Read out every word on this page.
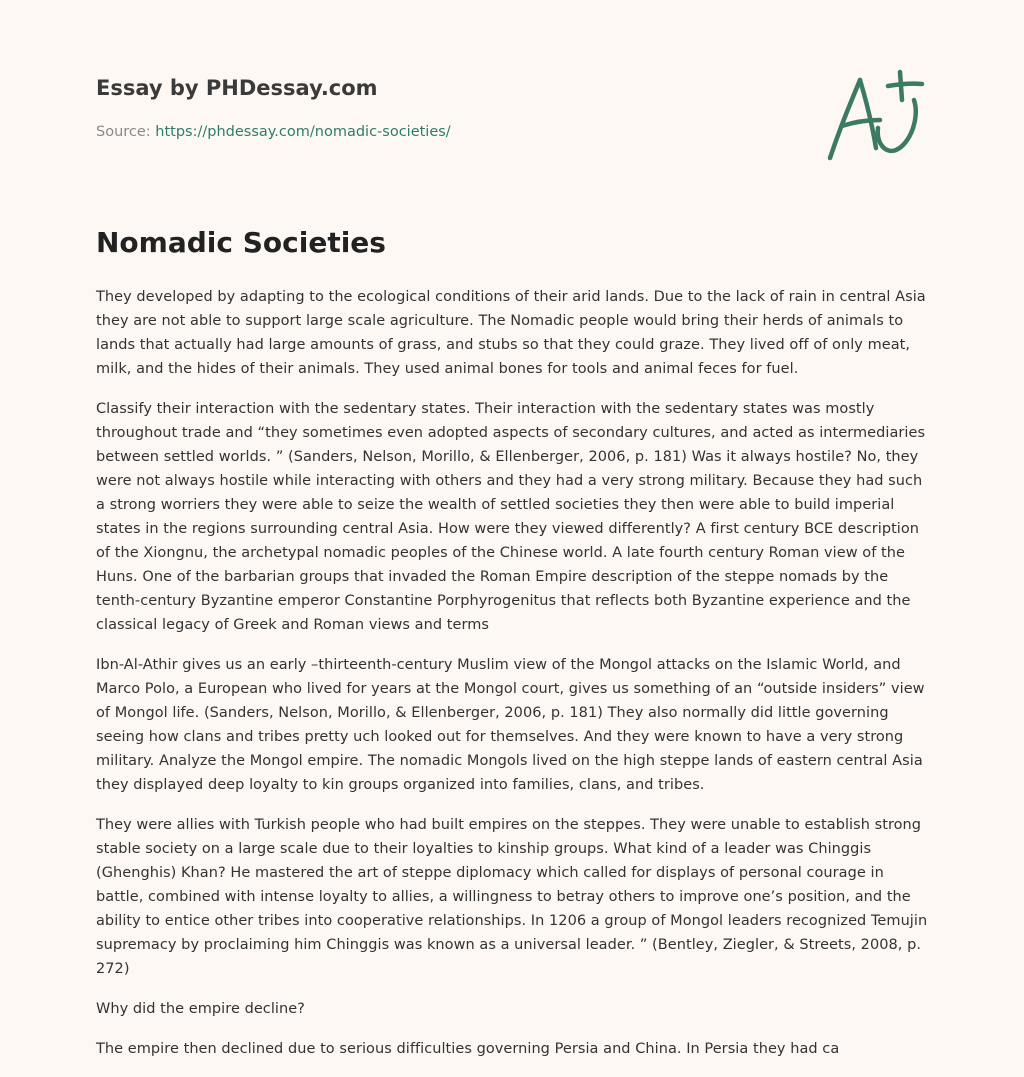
Essay by PHDessay.com
Source: https://phdessay.com/nomadic-societies/
Nomadic Societies

They developed by adapting to the ecological conditions of their arid lands. Due to the lack of rain in central Asia they are not able to support large scale agriculture. The Nomadic people would bring their herds of animals to lands that actually had large amounts of grass, and stubs so that they could graze. They lived off of only meat, milk, and the hides of their animals. They used animal bones for tools and animal feces for fuel.

Classify their interaction with the sedentary states. Their interaction with the sedentary states was mostly throughout trade and “they sometimes even adopted aspects of secondary cultures, and acted as intermediaries between settled worlds. ” (Sanders, Nelson, Morillo, & Ellenberger, 2006, p. 181) Was it always hostile? No, they were not always hostile while interacting with others and they had a very strong military. Because they had such a strong worriers they were able to seize the wealth of settled societies they then were able to build imperial states in the regions surrounding central Asia. How were they viewed differently? A first century BCE description of the Xiongnu, the archetypal nomadic peoples of the Chinese world. A late fourth century Roman view of the Huns. One of the barbarian groups that invaded the Roman Empire description of the steppe nomads by the tenth-century Byzantine emperor Constantine Porphyrogenitus that reflects both Byzantine experience and the classical legacy of Greek and Roman views and terms

Ibn-Al-Athir gives us an early –thirteenth-century Muslim view of the Mongol attacks on the Islamic World, and Marco Polo, a European who lived for years at the Mongol court, gives us something of an “outside insiders” view of Mongol life. (Sanders, Nelson, Morillo, & Ellenberger, 2006, p. 181) They also normally did little governing seeing how clans and tribes pretty uch looked out for themselves. And they were known to have a very strong military. Analyze the Mongol empire. The nomadic Mongols lived on the high steppe lands of eastern central Asia they displayed deep loyalty to kin groups organized into families, clans, and tribes.

They were allies with Turkish people who had built empires on the steppes. They were unable to establish strong stable society on a large scale due to their loyalties to kinship groups. What kind of a leader was Chinggis (Ghenghis) Khan? He mastered the art of steppe diplomacy which called for displays of personal courage in battle, combined with intense loyalty to allies, a willingness to betray others to improve one’s position, and the ability to entice other tribes into cooperative relationships. In 1206 a group of Mongol leaders recognized Temujin supremacy by proclaiming him Chinggis was known as a universal leader. ” (Bentley, Ziegler, & Streets, 2008, p. 272)

Why did the empire decline?

The empire then declined due to serious difficulties governing Persia and China. In Persia they had ca
